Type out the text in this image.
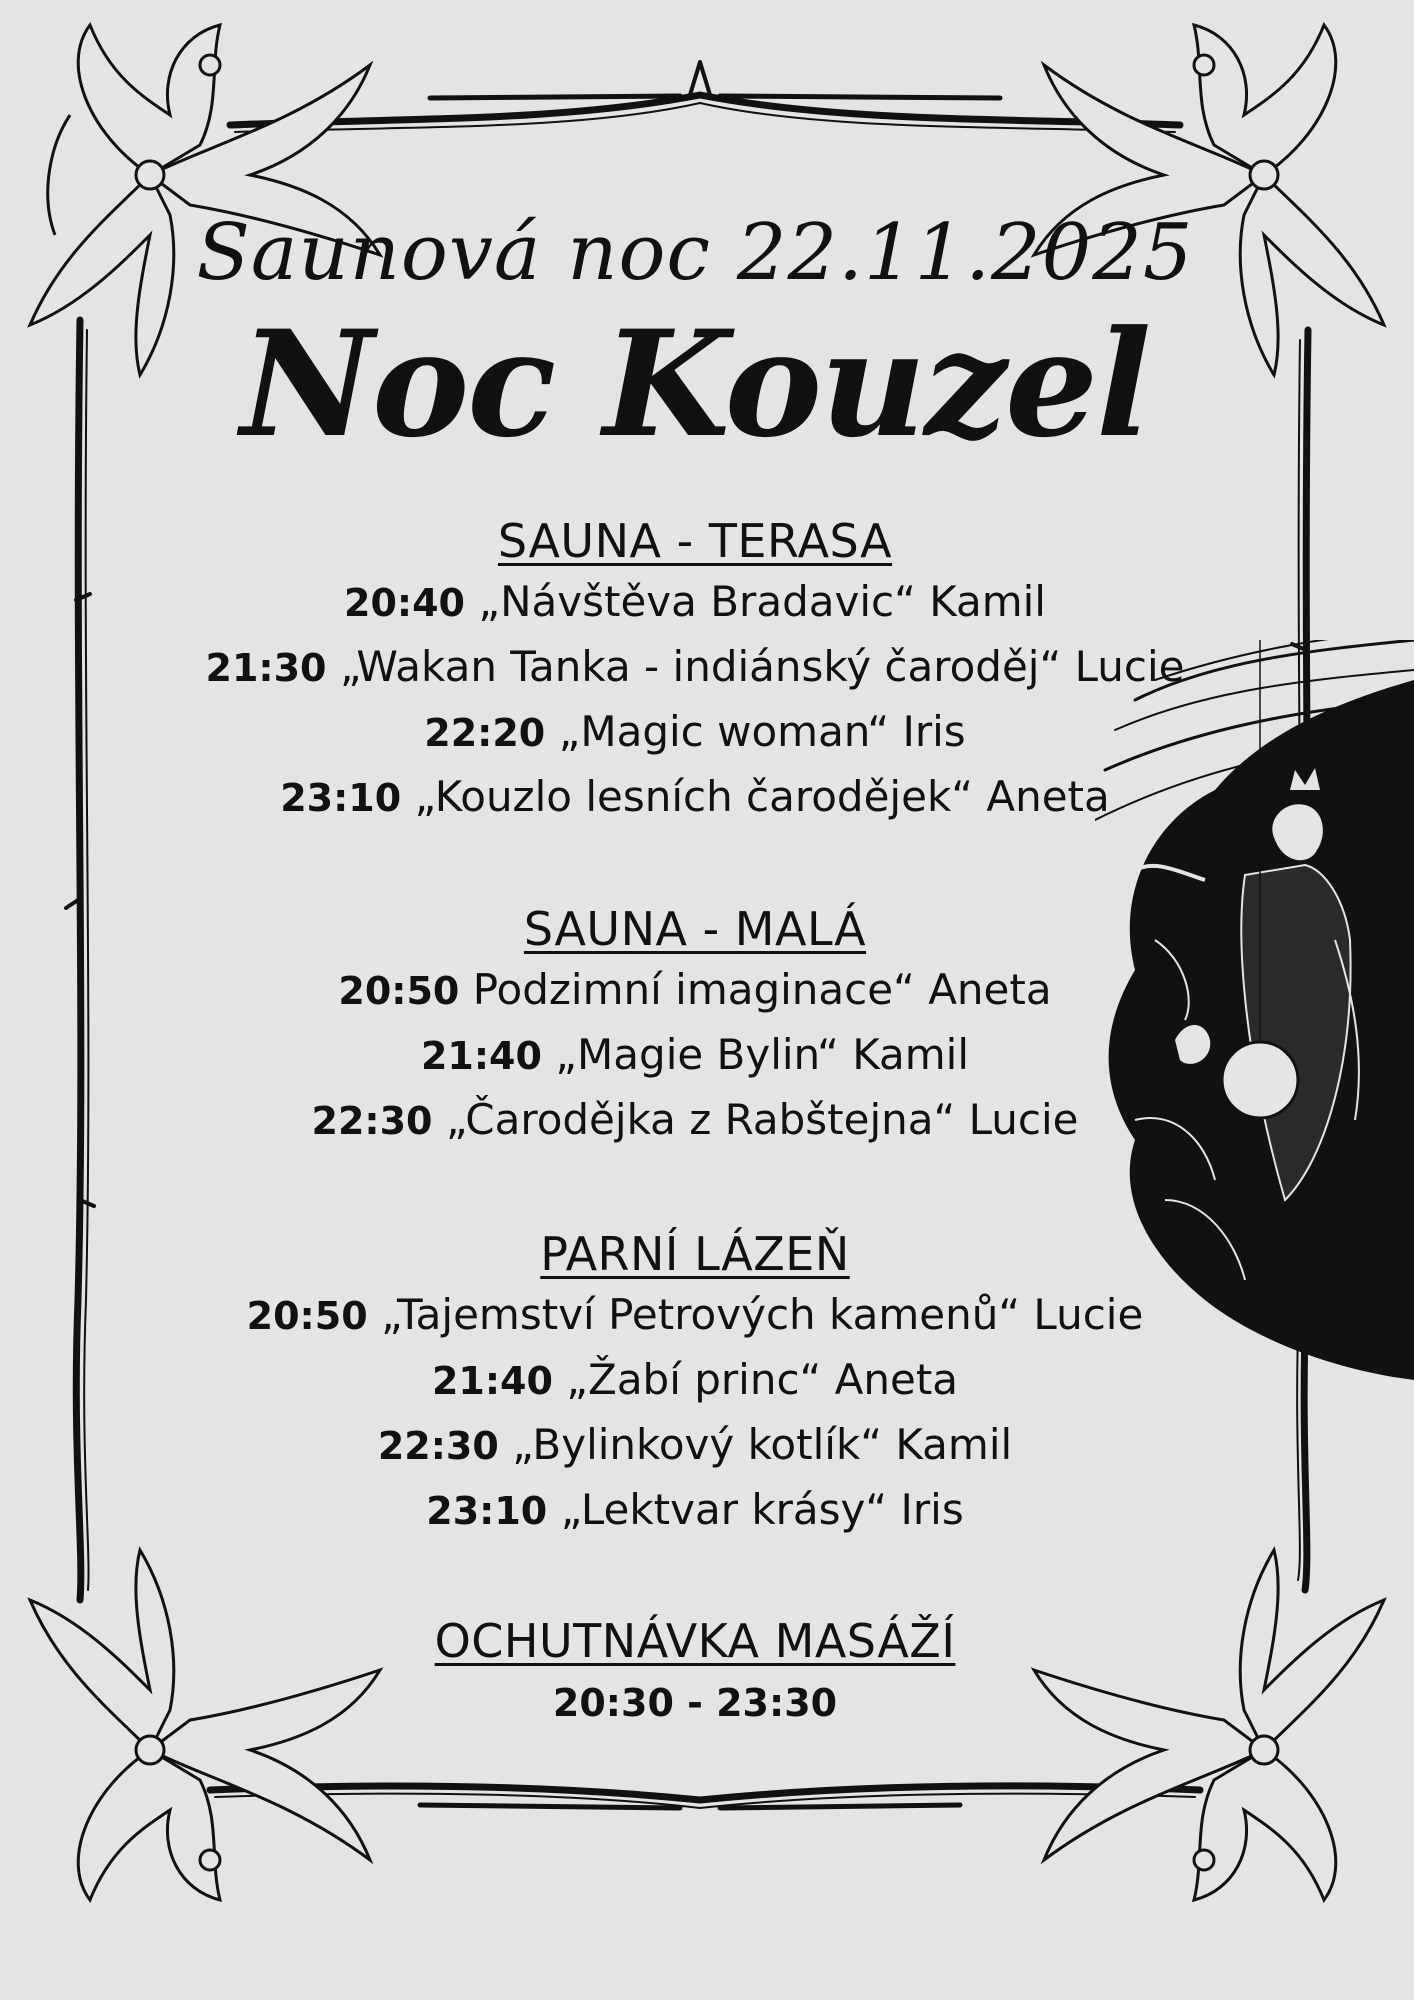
Saunová noc 22.11.2025
Noc Kouzel
SAUNA - TERASA
20:40 „Návštěva Bradavic“ Kamil
21:30 „Wakan Tanka - indiánský čaroděj“ Lucie
22:20 „Magic woman“ Iris
23:10 „Kouzlo lesních čarodějek“ Aneta
SAUNA - MALÁ
20:50 Podzimní imaginace“ Aneta
21:40 „Magie Bylin“ Kamil
22:30 „Čarodějka z Rabštejna“ Lucie
PARNÍ LÁZEŇ
20:50 „Tajemství Petrových kamenů“ Lucie
21:40 „Žabí princ“ Aneta
22:30 „Bylinkový kotlík“ Kamil
23:10 „Lektvar krásy“ Iris
OCHUTNÁVKA MASÁŽÍ
20:30 - 23:30
